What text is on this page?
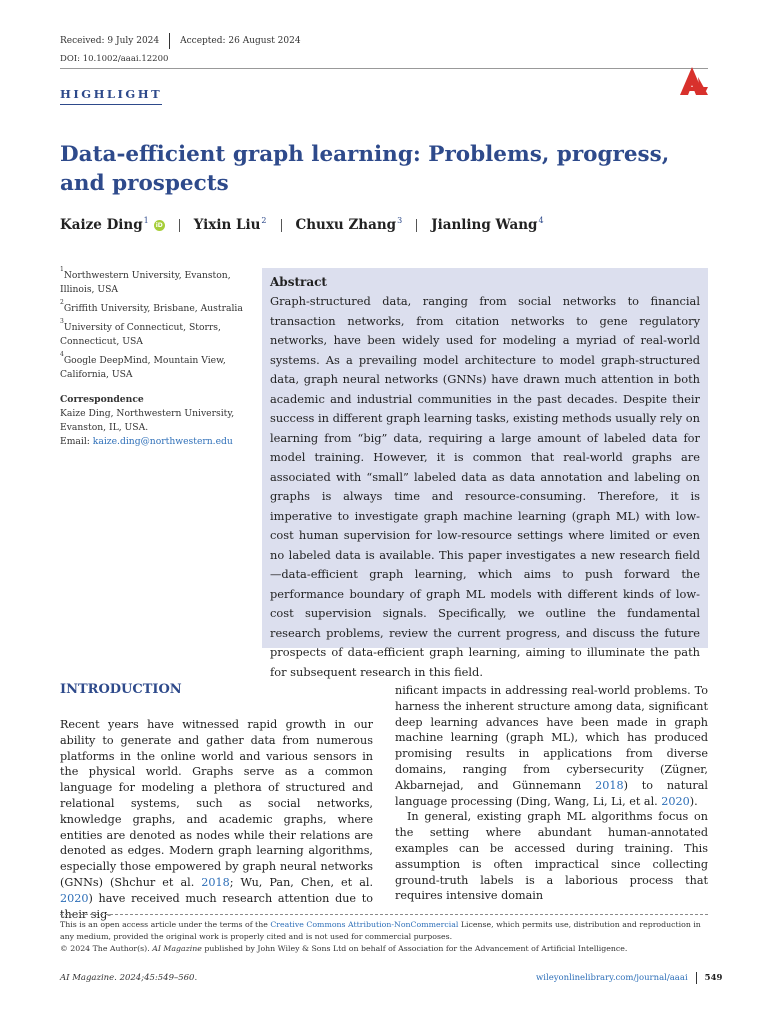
Received: 9 July 2024 Accepted: 26 August 2024
DOI: 10.1002/aaai.12200
HIGHLIGHT
Data-efficient graph learning: Problems, progress, and prospects
Kaize Ding$^1$
iD Yixin Liu$^2$ Chuxu Zhang$^3$ Jianling Wang$^4$

$^1$Northwestern University, Evanston, Illinois, USA

$^2$Griffith University, Brisbane, Australia

$^3$University of Connecticut, Storrs, Connecticut, USA

$^4$Google DeepMind, Mountain View, California, USA

Correspondence
Kaize Ding, Northwestern University, Evanston, IL, USA.
Email: kaize.ding@northwestern.edu
Abstract
Graph-structured data, ranging from social networks to financial transaction networks, from citation networks to gene regulatory networks, have been widely used for modeling a myriad of real-world systems. As a prevailing model architecture to model graph-structured data, graph neural networks (GNNs) have drawn much attention in both academic and industrial communities in the past decades. Despite their success in different graph learning tasks, existing methods usually rely on learning from “big” data, requiring a large amount of labeled data for model training. However, it is common that real-world graphs are associated with “small” labeled data as data annotation and labeling on graphs is always time and resource-consuming. Therefore, it is imperative to investigate graph machine learning (graph ML) with low-cost human supervision for low-resource settings where limited or even no labeled data is available. This paper investigates a new research field—data-efficient graph learning, which aims to push forward the performance boundary of graph ML models with different kinds of low-cost supervision signals. Specifically, we outline the fundamental research problems, review the current progress, and discuss the future prospects of data-efficient graph learning, aiming to illuminate the path for subsequent research in this field.
INTRODUCTION

Recent years have witnessed rapid growth in our ability to generate and gather data from numerous platforms in the online world and various sensors in the physical world. Graphs serve as a common language for modeling a plethora of structured and relational systems, such as social networks, knowledge graphs, and academic graphs, where entities are denoted as nodes while their relations are denoted as edges. Modern graph learning algorithms, especially those empowered by graph neural networks (GNNs) (Shchur et al. 2018; Wu, Pan, Chen, et al. 2020) have received much research attention due to their sig-

nificant impacts in addressing real-world problems. To harness the inherent structure among data, significant deep learning advances have been made in graph machine learning (graph ML), which has produced promising results in applications from diverse domains, ranging from cybersecurity (Zügner, Akbarnejad, and Günnemann 2018) to natural language processing (Ding, Wang, Li, Li, et al. 2020).

In general, existing graph ML algorithms focus on the setting where abundant human-annotated examples can be accessed during training. This assumption is often impractical since collecting ground-truth labels is a laborious process that requires intensive domain

This is an open access article under the terms of the Creative Commons Attribution-NonCommercial License, which permits use, distribution and reproduction in any medium, provided the original work is properly cited and is not used for commercial purposes.
© 2024 The Author(s). AI Magazine published by John Wiley & Sons Ltd on behalf of Association for the Advancement of Artificial Intelligence.
AI Magazine. 2024;45:549–560.	wileyonlinelibrary.com/journal/aaai 549
